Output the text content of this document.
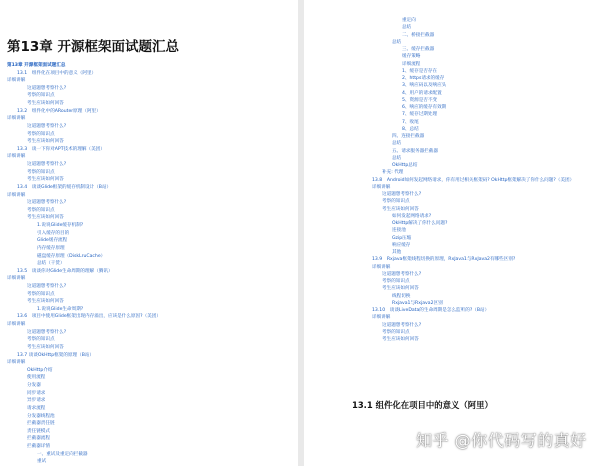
第13章 开源框架面试题汇总
第13章 开源框架面试题汇总
13.1　组件化在项目中的意义（阿里）
详细讲解
这道题想考察什么?
考察的知识点
考生应该如何回答
13.2　组件化中的ARouter原理（阿里）
详细讲解
这道题想考察什么?
考察的知识点
考生应该如何回答
13.3　谈一下你对APT技术的理解（美团）
详细讲解
这道题想考察什么?
考察的知识点
考生应该如何回答
13.4　谈谈Glide框架的缓存机制设计（B站）
详细讲解
这道题想考察什么?
考察的知识点
考生应该如何回答
1.说说Glide缓存机制?
引入缓存的目的
Glide缓存流程
内存缓存原理
磁盘缓存原理（DiskLruCache）
总结（干货）
13.5　谈谈你对Glide生命周期的理解（腾讯）
详细讲解
这道题想考察什么?
考察的知识点
考生应该如何回答
1.说说Glide生命周期?
13.6　项目中使用Glide框架出现内存溢出，应该是什么原因?（美团）
详细讲解
这道题想考察什么?
考察的知识点
考生应该如何回答
13.7 谈谈OkHttp框架的原理（B站）
详细讲解
OkHttp介绍
使用流程
分发器
同步请求
异步请求
请求流程
分发器线程池
拦截器责任链
责任链模式
拦截器流程
拦截器详情
一、重试及重定向拦截器
重试
重定向
总结
二、桥接拦截器
总结
三、缓存拦截器
缓存策略
详细流程
1、缓存是否存在
2、https请求的缓存
3、响应码以及响应头
4、用户的请求配置
5、资源是否不变
6、响应的缓存有效期
7、缓存过期处理
7、收尾
8、总结
四、连接拦截器
总结
五、请求服务器拦截器
总结
OkHttp总结
补充: 代理
13.8　Android如何发起网络请求，你有用过相关框架码? OkHttp框架解决了你什么问题?（美团）
详细讲解
这道题想考察什么?
考察的知识点
考生应该如何回答
如何发起网络请求?
OkHttp解决了你什么问题?
连接池
Gzip压缩
响应缓存
其他
13.9　Rxjava框架线程切换的原理，RxJava1与RxJava2有哪些区别?
详细讲解
这道题想考察什么?
考察的知识点
考生应该如何回答
线程切换
Rxjava1与Rxjava2区别
13.10　谈谈LiveData的生命周期是怎么监听的?（B站）
详细讲解
这道题想考察什么?
考察的知识点
考生应该如何回答
13.1 组件化在项目中的意义（阿里）
知乎 @你代码写的真好
